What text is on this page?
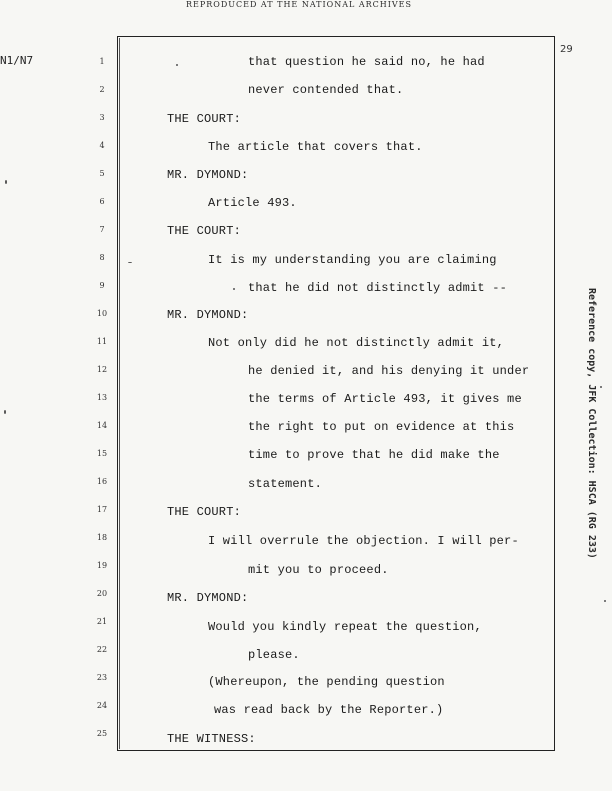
REPRODUCED AT THE NATIONAL ARCHIVES
N1/N7
29
1
2
3
4
5
6
7
8
9
10
11
12
13
14
15
16
17
18
19
20
21
22
23
24
25
that question he said no, he had
never contended that.
THE COURT:
The article that covers that.
MR. DYMOND:
Article 493.
THE COURT:
It is my understanding you are claiming
that he did not distinctly admit --
MR. DYMOND:
Not only did he not distinctly admit it,
he denied it, and his denying it under
the terms of Article 493, it gives me
the right to put on evidence at this
time to prove that he did make the
statement.
THE COURT:
I will overrule the objection. I will per-
mit you to proceed.
MR. DYMOND:
Would you kindly repeat the question,
please.
(Whereupon, the pending question
was read back by the Reporter.)
THE WITNESS:
Reference copy, JFK Collection: HSCA (RG 233)
